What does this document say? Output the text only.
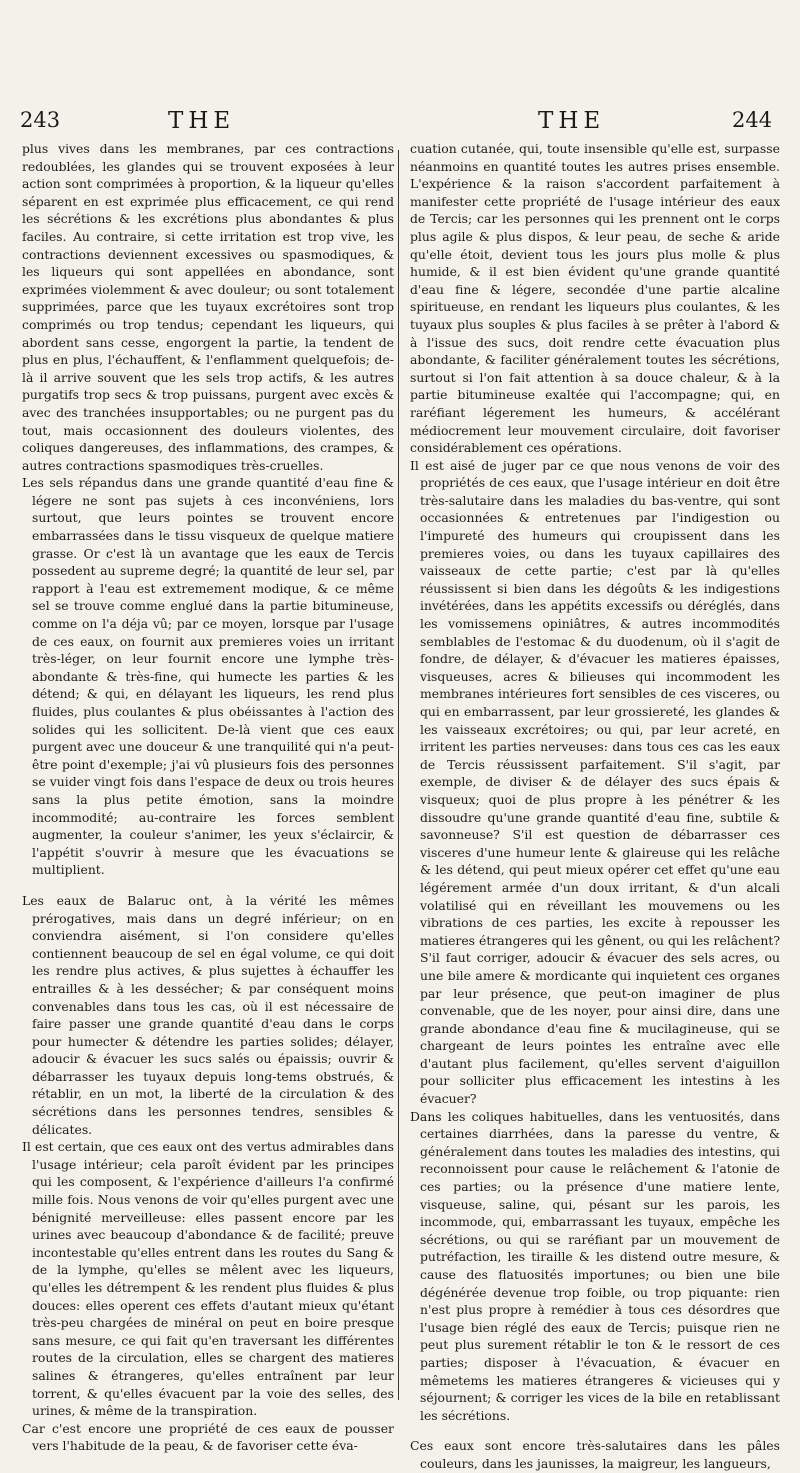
243	THE	THE	244

plus vives dans les membranes, par ces contractions redoublées, les glandes qui se trouvent exposées à leur action sont comprimées à proportion, & la liqueur qu'elles séparent en est exprimée plus efficacement, ce qui rend les sécrétions & les excrétions plus abondantes & plus faciles. Au contraire, si cette irritation est trop vive, les contractions deviennent excessives ou spasmodiques, & les liqueurs qui sont appellées en abondance, sont exprimées violemment & avec douleur; ou sont totalement supprimées, parce que les tuyaux excrétoires sont trop comprimés ou trop tendus; cependant les liqueurs, qui abordent sans cesse, engorgent la partie, la tendent de plus en plus, l'échauffent, & l'enflamment quelquefois; de-là il arrive souvent que les sels trop actifs, & les autres purgatifs trop secs & trop puissans, purgent avec excès & avec des tranchées insupportables; ou ne purgent pas du tout, mais occasionnent des douleurs violentes, des coliques dangereuses, des inflammations, des crampes, & autres contractions spasmodiques très-cruelles.

Les sels répandus dans une grande quantité d'eau fine & légere ne sont pas sujets à ces inconvéniens, lors surtout, que leurs pointes se trouvent encore embarrassées dans le tissu visqueux de quelque matiere grasse. Or c'est là un avantage que les eaux de Tercis possedent au supreme degré; la quantité de leur sel, par rapport à l'eau est extremement modique, & ce même sel se trouve comme englué dans la partie bitumineuse, comme on l'a déja vû; par ce moyen, lorsque par l'usage de ces eaux, on fournit aux premieres voies un irritant très-léger, on leur fournit encore une lymphe très-abondante & très-fine, qui humecte les parties & les détend; & qui, en délayant les liqueurs, les rend plus fluides, plus coulantes & plus obéissantes à l'action des solides qui les sollicitent. De-là vient que ces eaux purgent avec une douceur & une tranquilité qui n'a peut-être point d'exemple; j'ai vû plusieurs fois des personnes se vuider vingt fois dans l'espace de deux ou trois heures sans la plus petite émotion, sans la moindre incommodité; au-contraire les forces semblent augmenter, la couleur s'animer, les yeux s'éclaircir, & l'appétit s'ouvrir à mesure que les évacuations se multiplient.

Les eaux de Balaruc ont, à la vérité les mêmes prérogatives, mais dans un degré inférieur; on en conviendra aisément, si l'on considere qu'elles contiennent beaucoup de sel en égal volume, ce qui doit les rendre plus actives, & plus sujettes à échauffer les entrailles & à les dessécher; & par conséquent moins convenables dans tous les cas, où il est nécessaire de faire passer une grande quantité d'eau dans le corps pour humecter & détendre les parties solides; délayer, adoucir & évacuer les sucs salés ou épaissis; ouvrir & débarrasser les tuyaux depuis long-tems obstrués, & rétablir, en un mot, la liberté de la circulation & des sécrétions dans les personnes tendres, sensibles & délicates.

Il est certain, que ces eaux ont des vertus admirables dans l'usage intérieur; cela paroît évident par les principes qui les composent, & l'expérience d'ailleurs l'a confirmé mille fois. Nous venons de voir qu'elles purgent avec une bénignité merveilleuse: elles passent encore par les urines avec beaucoup d'abondance & de facilité; preuve incontestable qu'elles entrent dans les routes du Sang & de la lymphe, qu'elles se mêlent avec les liqueurs, qu'elles les détrempent & les rendent plus fluides & plus douces: elles operent ces effets d'autant mieux qu'étant très-peu chargées de minéral on peut en boire presque sans mesure, ce qui fait qu'en traversant les différentes routes de la circulation, elles se chargent des matieres salines & étrangeres, qu'elles entraînent par leur torrent, & qu'elles évacuent par la voie des selles, des urines, & même de la transpiration.

Car c'est encore une propriété de ces eaux de pousser vers l'habitude de la peau, & de favoriser cette éva-

cuation cutanée, qui, toute insensible qu'elle est, surpasse néanmoins en quantité toutes les autres prises ensemble. L'expérience & la raison s'accordent parfaitement à manifester cette propriété de l'usage intérieur des eaux de Tercis; car les personnes qui les prennent ont le corps plus agile & plus dispos, & leur peau, de seche & aride qu'elle étoit, devient tous les jours plus molle & plus humide, & il est bien évident qu'une grande quantité d'eau fine & légere, secondée d'une partie alcaline spiritueuse, en rendant les liqueurs plus coulantes, & les tuyaux plus souples & plus faciles à se prêter à l'abord & à l'issue des sucs, doit rendre cette évacuation plus abondante, & faciliter généralement toutes les sécrétions, surtout si l'on fait attention à sa douce chaleur, & à la partie bitumineuse exaltée qui l'accompagne; qui, en raréfiant légerement les humeurs, & accélérant médiocrement leur mouvement circulaire, doit favoriser considérablement ces opérations.

Il est aisé de juger par ce que nous venons de voir des propriétés de ces eaux, que l'usage intérieur en doit être très-salutaire dans les maladies du bas-ventre, qui sont occasionnées & entretenues par l'indigestion ou l'impureté des humeurs qui croupissent dans les premieres voies, ou dans les tuyaux capillaires des vaisseaux de cette partie; c'est par là qu'elles réussissent si bien dans les dégoûts & les indigestions invétérées, dans les appétits excessifs ou déréglés, dans les vomissemens opiniâtres, & autres incommodités semblables de l'estomac & du duodenum, où il s'agit de fondre, de délayer, & d'évacuer les matieres épaisses, visqueuses, acres & bilieuses qui incommodent les membranes intérieures fort sensibles de ces visceres, ou qui en embarrassent, par leur grossiereté, les glandes & les vaisseaux excrétoires; ou qui, par leur acreté, en irritent les parties nerveuses: dans tous ces cas les eaux de Tercis réussissent parfaitement. S'il s'agit, par exemple, de diviser & de délayer des sucs épais & visqueux; quoi de plus propre à les pénétrer & les dissoudre qu'une grande quantité d'eau fine, subtile & savonneuse? S'il est question de débarrasser ces visceres d'une humeur lente & glaireuse qui les relâche & les détend, qui peut mieux opérer cet effet qu'une eau légérement armée d'un doux irritant, & d'un alcali volatilisé qui en réveillant les mouvemens ou les vibrations de ces parties, les excite à repousser les matieres étrangeres qui les gênent, ou qui les relâchent? S'il faut corriger, adoucir & évacuer des sels acres, ou une bile amere & mordicante qui inquietent ces organes par leur présence, que peut-on imaginer de plus convenable, que de les noyer, pour ainsi dire, dans une grande abondance d'eau fine & mucilagineuse, qui se chargeant de leurs pointes les entraîne avec elle d'autant plus facilement, qu'elles servent d'aiguillon pour solliciter plus efficacement les intestins à les évacuer?

Dans les coliques habituelles, dans les ventuosités, dans certaines diarrhées, dans la paresse du ventre, & généralement dans toutes les maladies des intestins, qui reconnoissent pour cause le relâchement & l'atonie de ces parties; ou la présence d'une matiere lente, visqueuse, saline, qui, pésant sur les parois, les incommode, qui, embarrassant les tuyaux, empêche les sécrétions, ou qui se raréfiant par un mouvement de putréfaction, les tiraille & les distend outre mesure, & cause des flatuosités importunes; ou bien une bile dégénérée devenue trop foible, ou trop piquante: rien n'est plus propre à remédier à tous ces désordres que l'usage bien réglé des eaux de Tercis; puisque rien ne peut plus surement rétablir le ton & le ressort de ces parties; disposer à l'évacuation, & évacuer en mêmetems les matieres étrangeres & vicieuses qui y séjournent; & corriger les vices de la bile en retablissant les sécrétions.

Ces eaux sont encore très-salutaires dans les pâles couleurs, dans les jaunisses, la maigreur, les langueurs,
